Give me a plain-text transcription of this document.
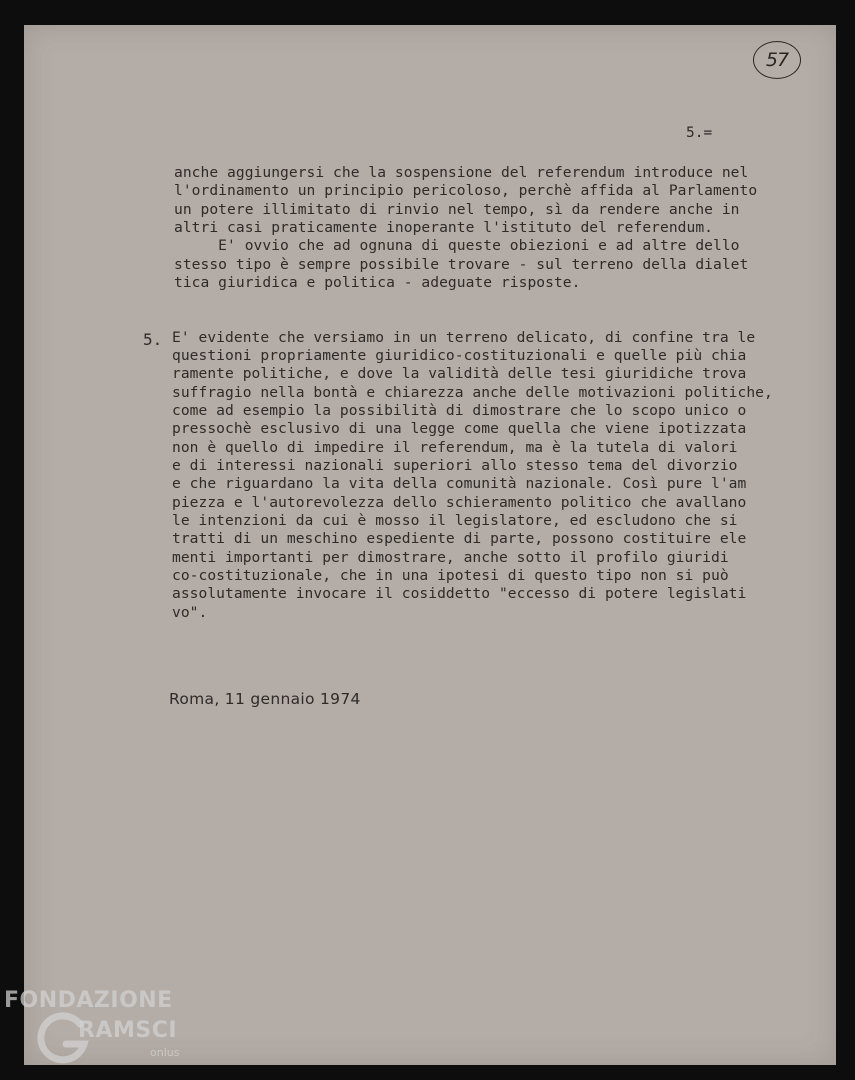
57
5.=
anche aggiungersi che la sospensione del referendum introduce nel
l'ordinamento un principio pericoloso, perchè affida al Parlamento
un potere illimitato di rinvio nel tempo, sì da rendere anche in
altri casi praticamente inoperante l'istituto del referendum.
E' ovvio che ad ognuna di queste obiezioni e ad altre dello
stesso tipo è sempre possibile trovare - sul terreno della dialet
tica giuridica e politica - adeguate risposte.
5. E' evidente che versiamo in un terreno delicato, di confine tra le
questioni propriamente giuridico-costituzionali e quelle più chia
ramente politiche, e dove la validità delle tesi giuridiche trova
suffragio nella bontà e chiarezza anche delle motivazioni politiche,
come ad esempio la possibilità di dimostrare che lo scopo unico o
pressochè esclusivo di una legge come quella che viene ipotizzata
non è quello di impedire il referendum, ma è la tutela di valori
e di interessi nazionali superiori allo stesso tema del divorzio
e che riguardano la vita della comunità nazionale. Così pure l'am
piezza e l'autorevolezza dello schieramento politico che avallano
le intenzioni da cui è mosso il legislatore, ed escludono che si
tratti di un meschino espediente di parte, possono costituire ele
menti importanti per dimostrare, anche sotto il profilo giuridi
co-costituzionale, che in una ipotesi di questo tipo non si può
assolutamente invocare il cosiddetto "eccesso di potere legislati
vo".
Roma, 11 gennaio 1974
FONDAZIONE
RAMSCI
onlus
